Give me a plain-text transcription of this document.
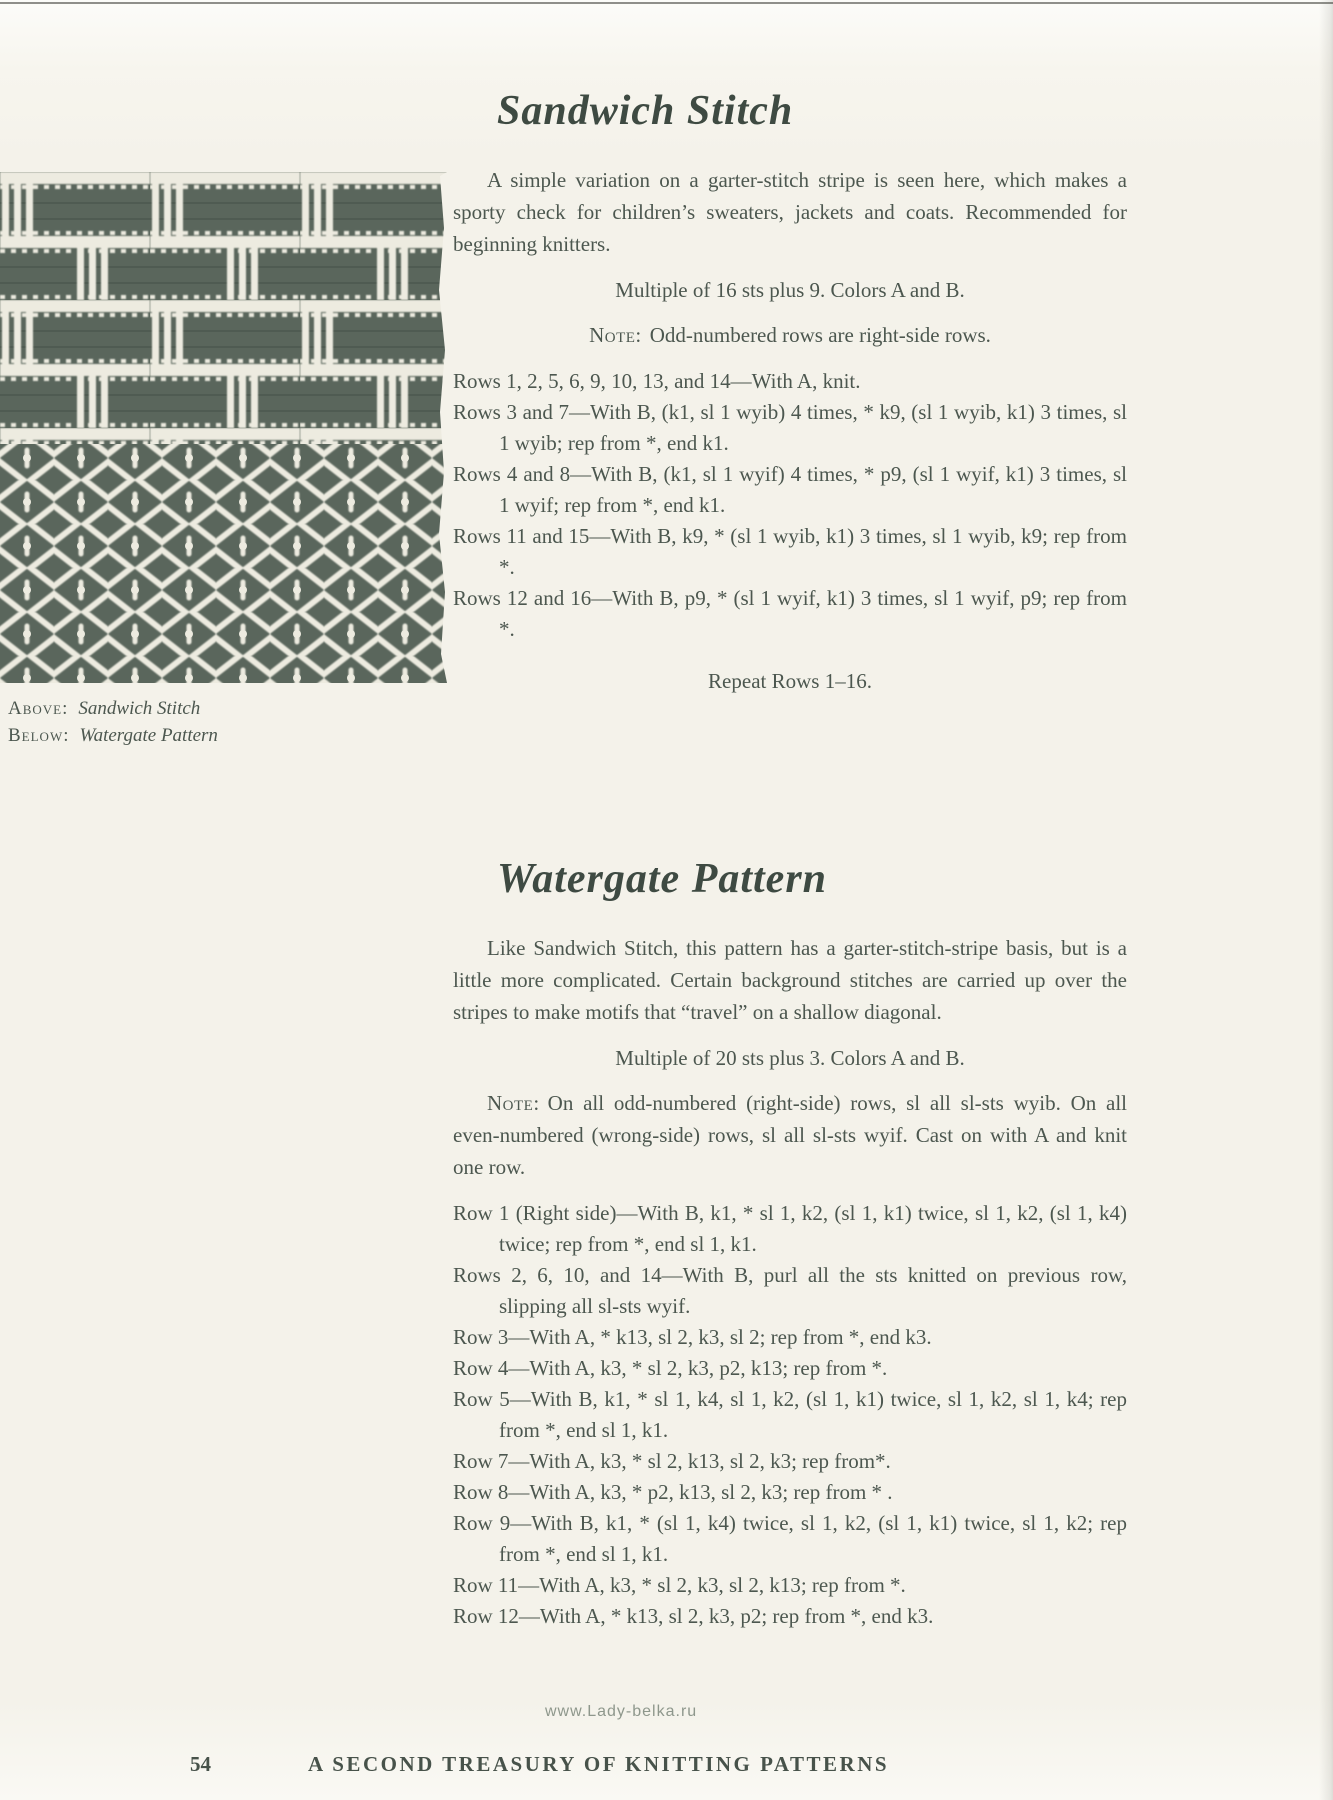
Above: Sandwich Stitch
Below: Watergate Pattern
Sandwich Stitch

A simple variation on a garter-stitch stripe is seen here, which makes a sporty check for children’s sweaters, jackets and coats. Recommended for beginning knitters.

Multiple of 16 sts plus 9. Colors A and B.

Note: Odd-numbered rows are right-side rows.

Rows 1, 2, 5, 6, 9, 10, 13, and 14—With A, knit.

Rows 3 and 7—With B, (k1, sl 1 wyib) 4 times, * k9, (sl 1 wyib, k1) 3 times, sl 1 wyib; rep from *, end k1.

Rows 4 and 8—With B, (k1, sl 1 wyif) 4 times, * p9, (sl 1 wyif, k1) 3 times, sl 1 wyif; rep from *, end k1.

Rows 11 and 15—With B, k9, * (sl 1 wyib, k1) 3 times, sl 1 wyib, k9; rep from *.

Rows 12 and 16—With B, p9, * (sl 1 wyif, k1) 3 times, sl 1 wyif, p9; rep from *.

Repeat Rows 1–16.

Watergate Pattern

Like Sandwich Stitch, this pattern has a garter-stitch-stripe basis, but is a little more complicated. Certain background stitches are carried up over the stripes to make motifs that “travel” on a shallow diagonal.

Multiple of 20 sts plus 3. Colors A and B.

Note: On all odd-numbered (right-side) rows, sl all sl-sts wyib. On all even-numbered (wrong-side) rows, sl all sl-sts wyif. Cast on with A and knit one row.

Row 1 (Right side)—With B, k1, * sl 1, k2, (sl 1, k1) twice, sl 1, k2, (sl 1, k4) twice; rep from *, end sl 1, k1.

Rows 2, 6, 10, and 14—With B, purl all the sts knitted on previous row, slipping all sl-sts wyif.

Row 3—With A, * k13, sl 2, k3, sl 2; rep from *, end k3.

Row 4—With A, k3, * sl 2, k3, p2, k13; rep from *.

Row 5—With B, k1, * sl 1, k4, sl 1, k2, (sl 1, k1) twice, sl 1, k2, sl 1, k4; rep from *, end sl 1, k1.

Row 7—With A, k3, * sl 2, k13, sl 2, k3; rep from*.

Row 8—With A, k3, * p2, k13, sl 2, k3; rep from * .

Row 9—With B, k1, * (sl 1, k4) twice, sl 1, k2, (sl 1, k1) twice, sl 1, k2; rep from *, end sl 1, k1.

Row 11—With A, k3, * sl 2, k3, sl 2, k13; rep from *.

Row 12—With A, * k13, sl 2, k3, p2; rep from *, end k3.

www.Lady-belka.ru
54	A SECOND TREASURY OF KNITTING PATTERNS
